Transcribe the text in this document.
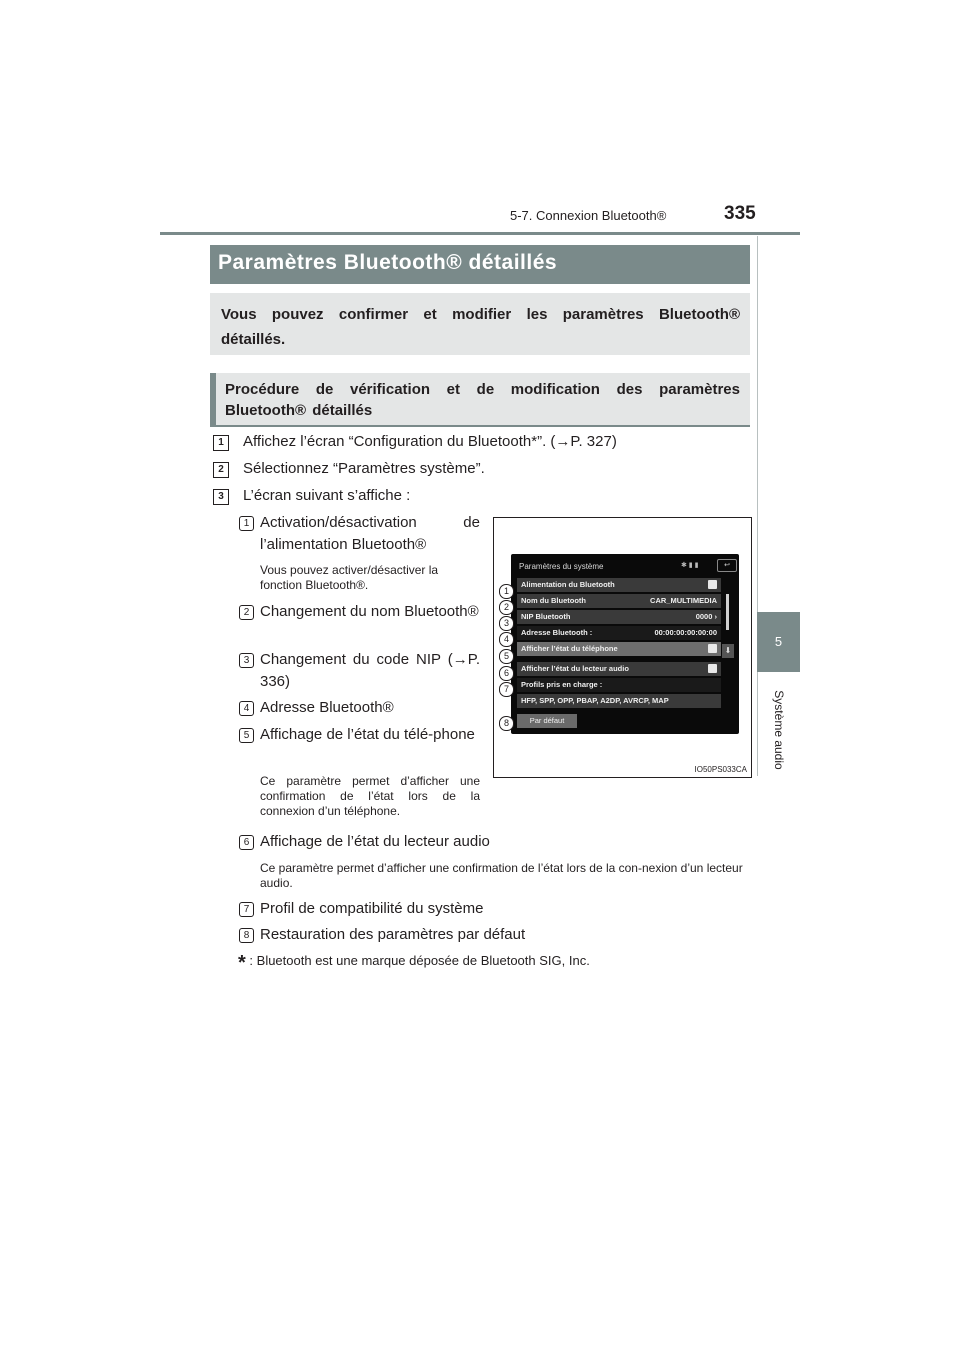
5-7. Connexion Bluetooth®	335
5
Système audio
Paramètres Bluetooth® détaillés
Vous pouvez confirmer et modifier les paramètres Bluetooth® détaillés.
Procédure de vérification et de modification des paramètres Bluetooth® détaillés
1	Affichez l’écran “Configuration du Bluetooth*”. (→P. 327)
2	Sélectionnez “Paramètres système”.
3	L’écran suivant s’affiche :
1 Activation/désactivation de l’alimentation Bluetooth®
Vous pouvez activer/désactiver la fonction Bluetooth®.
2 Changement du nom Bluetooth®
3 Changement du code NIP (→P. 336)
4 Adresse Bluetooth®
5 Affichage de l’état du télé-phone
Ce paramètre permet d’afficher une confirmation de l’état lors de la connexion d’un téléphone.
6 Affichage de l’état du lecteur audio
Ce paramètre permet d’afficher une confirmation de l’état lors de la con-nexion d’un lecteur audio.
7 Profil de compatibilité du système
8 Restauration des paramètres par défaut
Paramètres du système	✱ ▮ ▮	↩
Alimentation du Bluetooth
Nom du Bluetooth	CAR_MULTIMEDIA
NIP Bluetooth	0000 ›
Adresse Bluetooth :	00:00:00:00:00:00
Afficher l’état du téléphone
Afficher l’état du lecteur audio
Profils pris en charge :
HFP, SPP, OPP, PBAP, A2DP, AVRCP, MAP
⬇
Par défaut
1
2
3
4
5
6
7
8
IO50PS033CA
* : Bluetooth est une marque déposée de Bluetooth SIG, Inc.
